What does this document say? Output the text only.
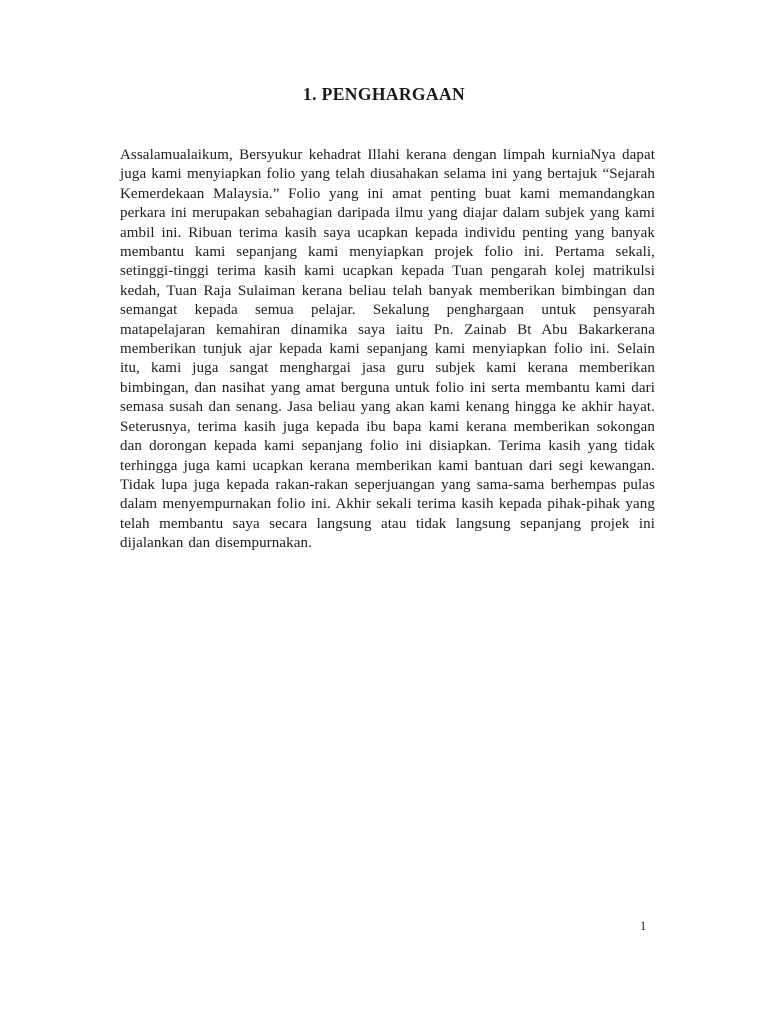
1. PENGHARGAAN
Assalamualaikum, Bersyukur kehadrat Illahi kerana dengan limpah kurniaNya dapat juga kami menyiapkan folio yang telah diusahakan selama ini yang bertajuk “Sejarah Kemerdekaan Malaysia.” Folio yang ini amat penting buat kami memandangkan perkara ini merupakan sebahagian daripada ilmu yang diajar dalam subjek yang kami ambil ini. Ribuan terima kasih saya ucapkan kepada individu penting yang banyak membantu kami sepanjang kami menyiapkan projek folio ini. Pertama sekali, setinggi-tinggi terima kasih kami ucapkan kepada Tuan pengarah kolej matrikulsi kedah, Tuan Raja Sulaiman kerana beliau telah banyak memberikan bimbingan dan semangat kepada semua pelajar. Sekalung penghargaan untuk pensyarah matapelajaran kemahiran dinamika saya iaitu Pn. Zainab Bt Abu Bakarkerana memberikan tunjuk ajar kepada kami sepanjang kami menyiapkan folio ini. Selain itu, kami juga sangat menghargai jasa guru subjek kami kerana memberikan bimbingan, dan nasihat yang amat berguna untuk folio ini serta membantu kami dari semasa susah dan senang. Jasa beliau yang akan kami kenang hingga ke akhir hayat. Seterusnya, terima kasih juga kepada ibu bapa kami kerana memberikan sokongan dan dorongan kepada kami sepanjang folio ini disiapkan. Terima kasih yang tidak terhingga juga kami ucapkan kerana memberikan kami bantuan dari segi kewangan. Tidak lupa juga kepada rakan-rakan seperjuangan yang sama-sama berhempas pulas dalam menyempurnakan folio ini. Akhir sekali terima kasih kepada pihak-pihak yang telah membantu saya secara langsung atau tidak langsung sepanjang projek ini dijalankan dan disempurnakan.
1
